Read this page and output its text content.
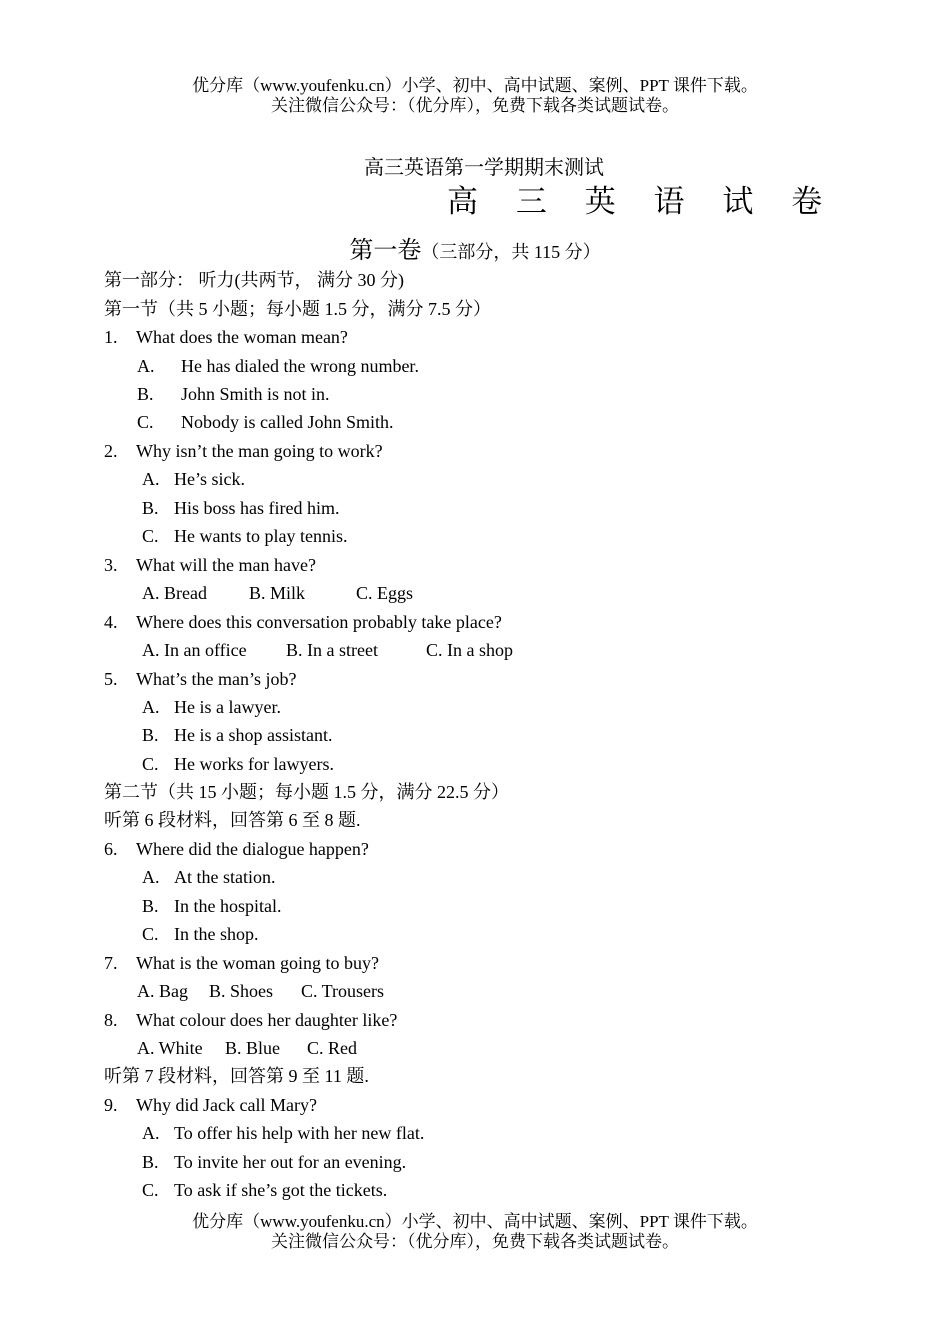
优分库（www.youfenku.cn）小学、初中、高中试题、案例、PPT 课件下载。
关注微信公众号：（优分库），免费下载各类试题试卷。
高三英语第一学期期末测试
高 三 英 语 试 卷
第一卷（三部分，共 115 分）
第一部分： 听力(共两节， 满分 30 分)
第一节（共 5 小题；每小题 1.5 分，满分 7.5 分）
1. What does the woman mean?
A. He has dialed the wrong number.
B. John Smith is not in.
C. Nobody is called John Smith.
2. Why isn’t the man going to work?
A. He’s sick.
B. His boss has fired him.
C. He wants to play tennis.
3. What will the man have?
A. Bread B. Milk	C. Eggs
4. Where does this conversation probably take place?
A. In an office B. In a street	C. In a shop
5. What’s the man’s job?
A. He is a lawyer.
B. He is a shop assistant.
C. He works for lawyers.
第二节（共 15 小题；每小题 1.5 分，满分 22.5 分）
听第 6 段材料，回答第 6 至 8 题.
6. Where did the dialogue happen?
A. At the station.
B. In the hospital.
C. In the shop.
7. What is the woman going to buy?
A. Bag B. Shoes C. Trousers
8. What colour does her daughter like?
A. White B. Blue C. Red
听第 7 段材料，回答第 9 至 11 题.
9. Why did Jack call Mary?
A. To offer his help with her new flat.
B. To invite her out for an evening.
C. To ask if she’s got the tickets.
优分库（www.youfenku.cn）小学、初中、高中试题、案例、PPT 课件下载。
关注微信公众号：（优分库），免费下载各类试题试卷。
